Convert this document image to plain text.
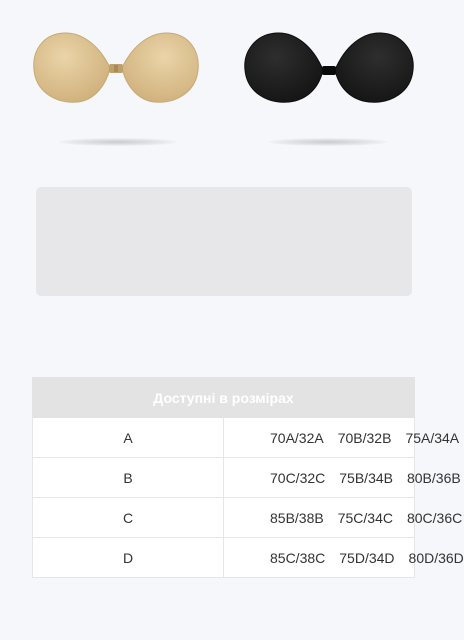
Доступні в розмірах	
A	70A/32A 70B/32B 75A/34A
B	70C/32C 75B/34B 80B/36B
C	85B/38B 75C/34C 80C/36C
D	85C/38C 75D/34D 80D/36D
